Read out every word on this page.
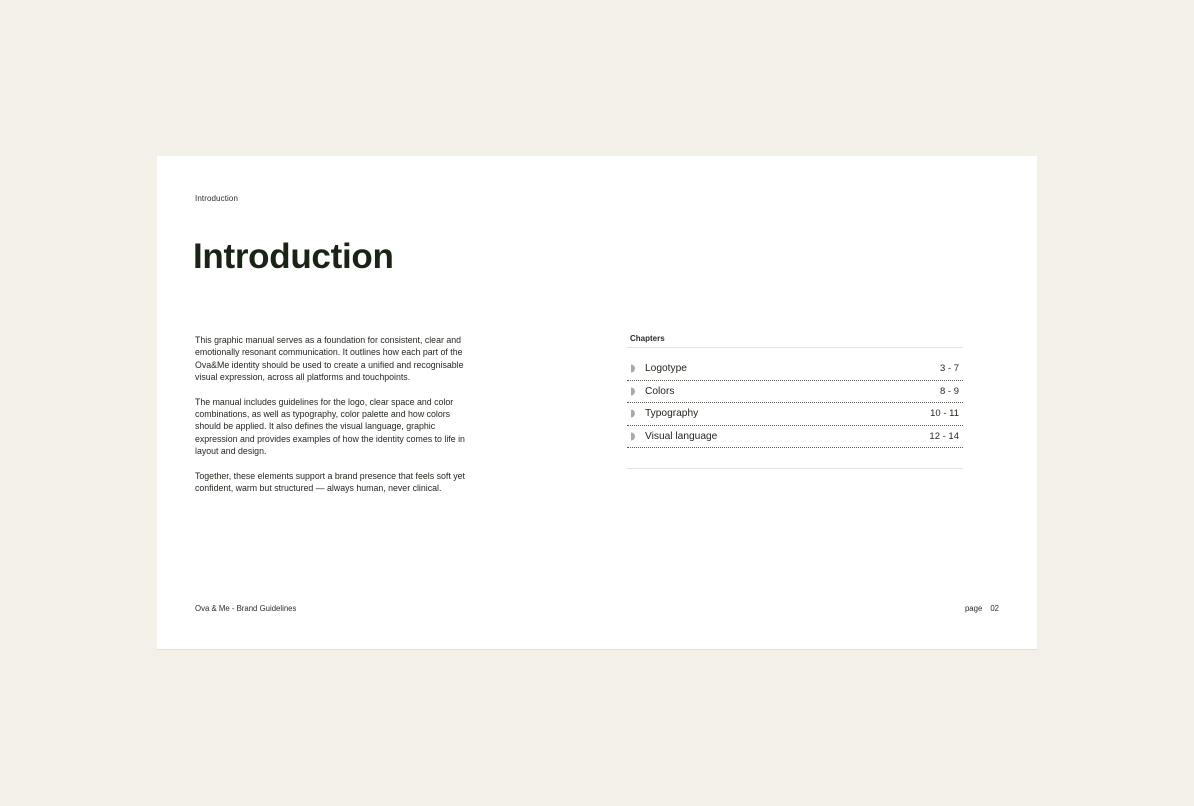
Introduction
Introduction

This graphic manual serves as a foundation for consistent, clear and emotionally resonant communication. It outlines how each part of the Ova&Me identity should be used to create a unified and recognisable visual expression, across all platforms and touchpoints.

The manual includes guidelines for the logo, clear space and color combinations, as well as typography, color palette and how colors should be applied. It also defines the visual language, graphic expression and provides examples of how the identity comes to life in layout and design.

Together, these elements support a brand presence that feels soft yet confident, warm but structured — always human, never clinical.

Chapters
Logotype	3 - 7
Colors	8 - 9
Typography	10 - 11
Visual language	12 - 14
Ova & Me - Brand Guidelines	page 02
